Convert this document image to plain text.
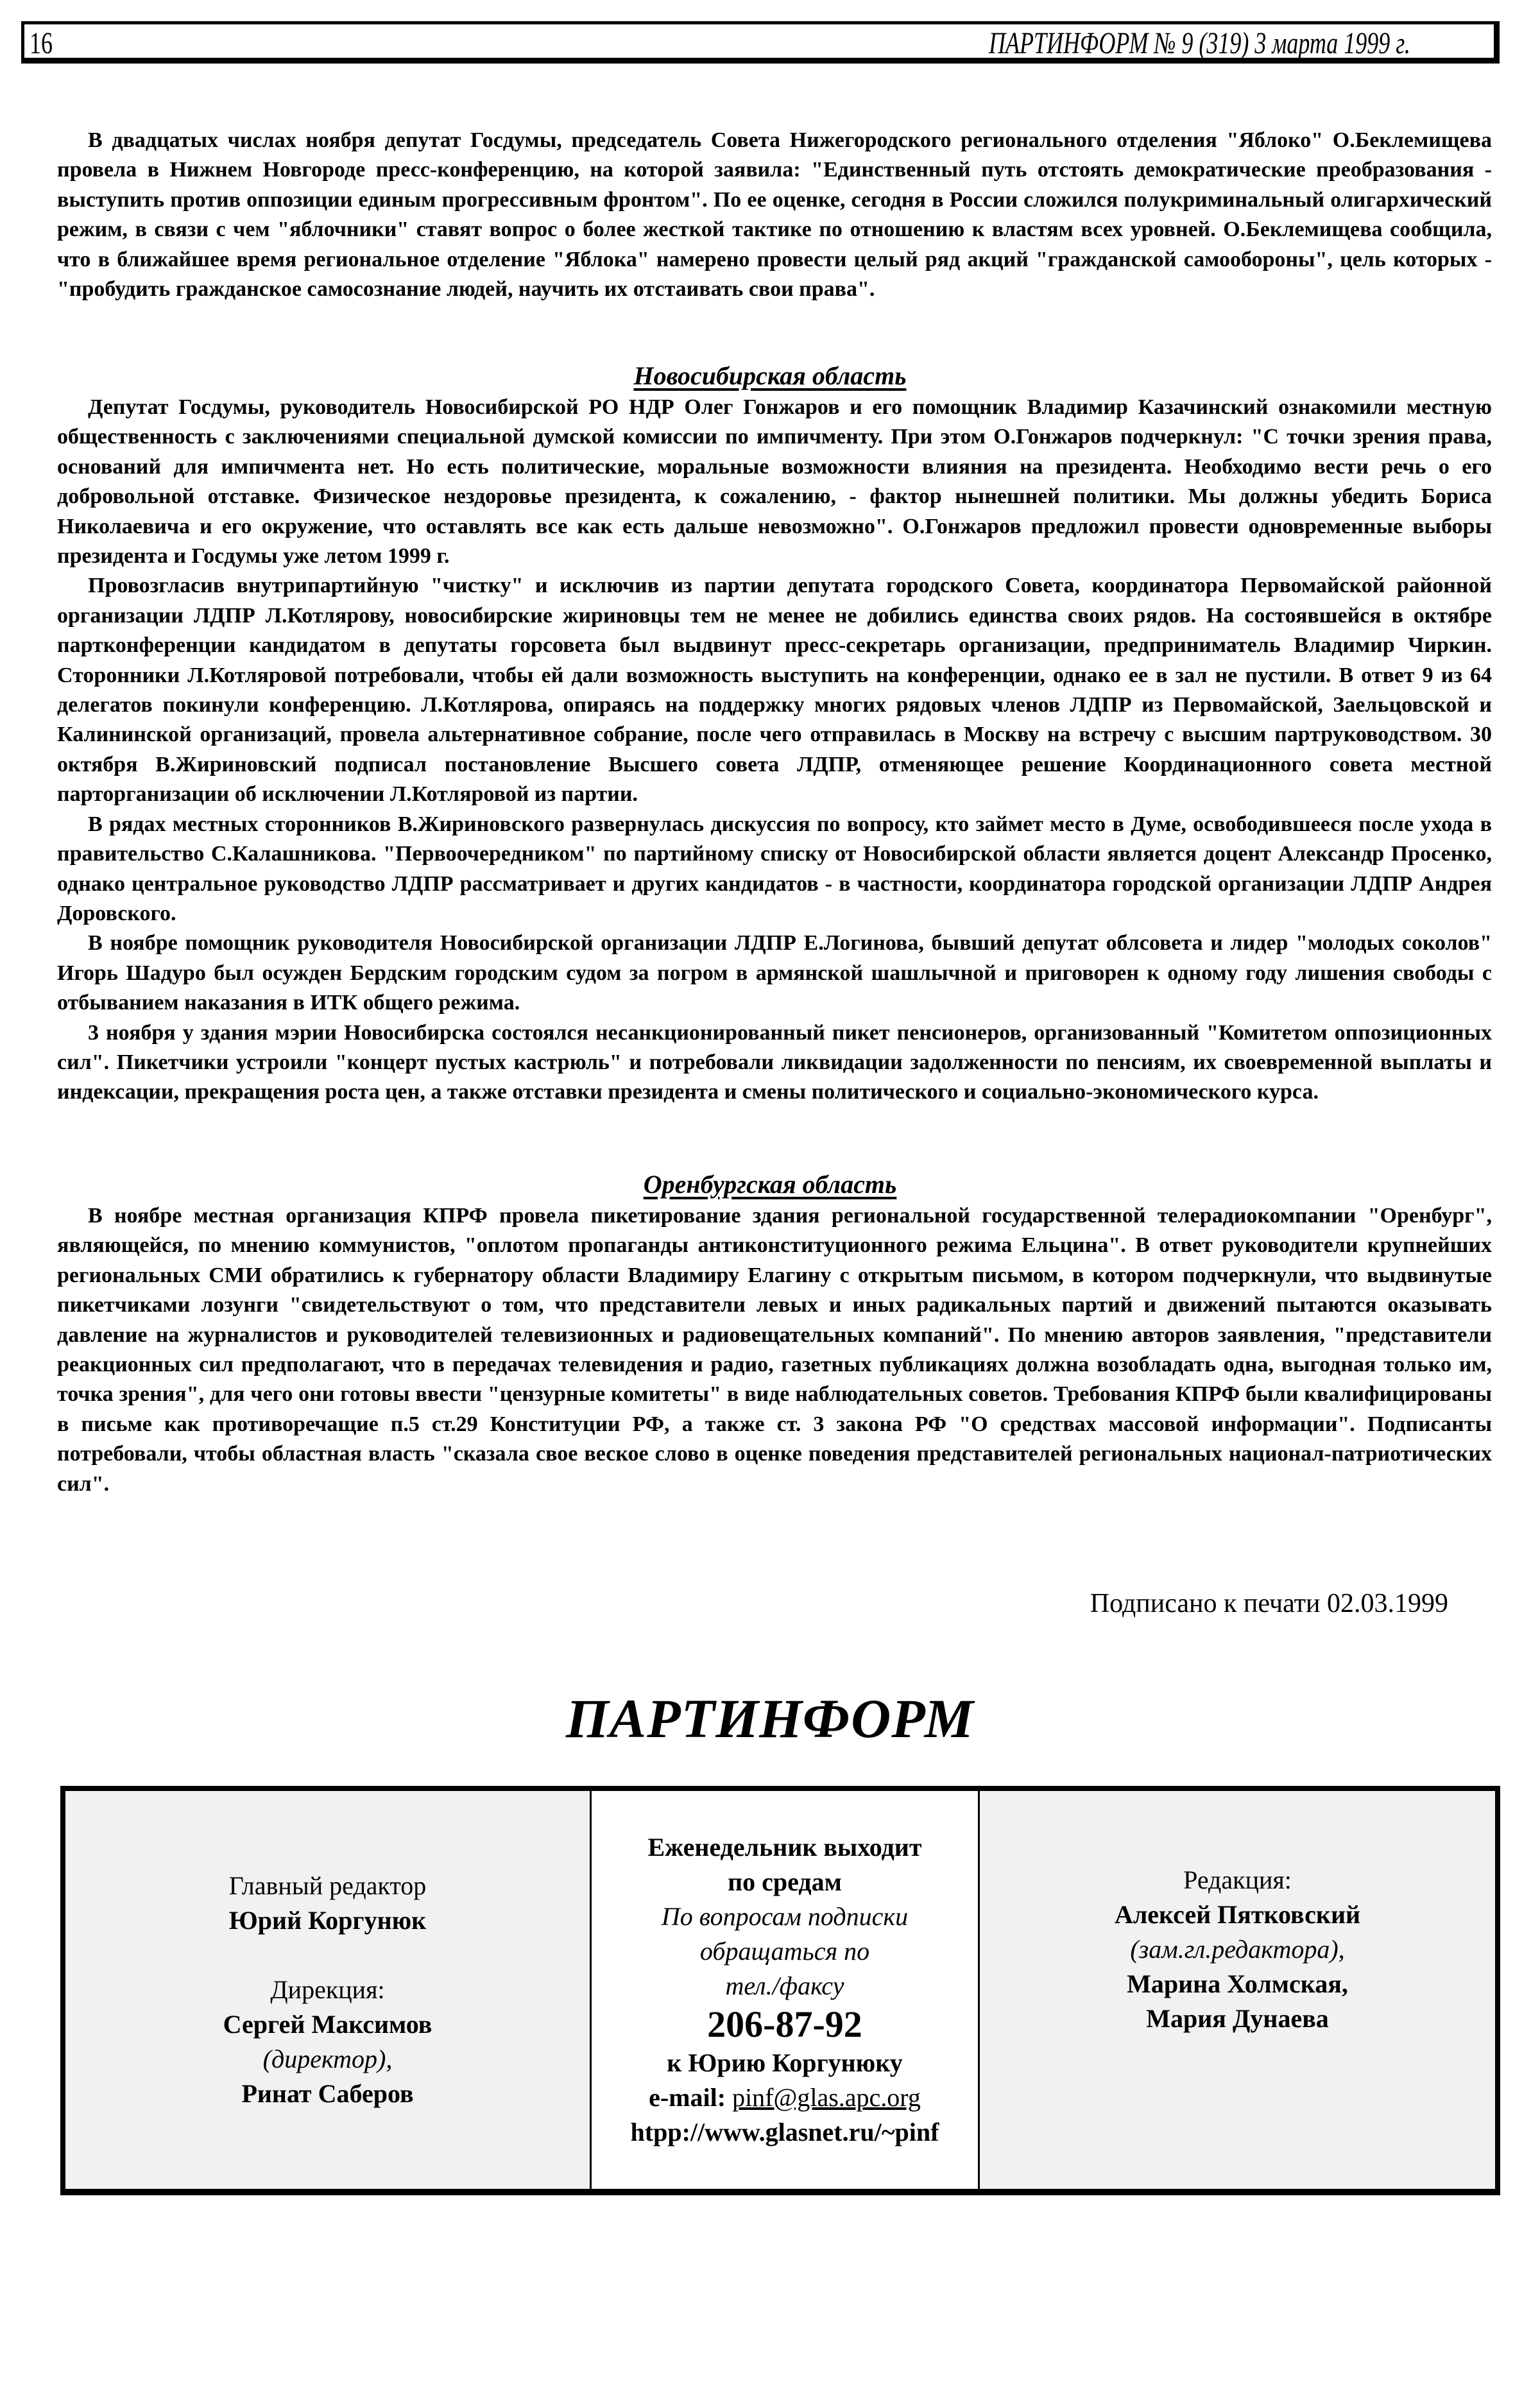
16	ПАРТИНФОРМ № 9 (319) 3 марта 1999 г.

В двадцатых числах ноября депутат Госдумы, председатель Совета Нижегородского регионального отделения "Яблоко" О.Беклемищева провела в Нижнем Новгороде пресс-конференцию, на которой заявила: "Единственный путь отстоять демократические преобразования - выступить против оппозиции единым прогрессивным фронтом". По ее оценке, сегодня в России сложился полукриминальный олигархический режим, в связи с чем "яблочники" ставят вопрос о более жесткой тактике по отношению к властям всех уровней. О.Беклемищева сообщила, что в ближайшее время региональное отделение "Яблока" намерено провести целый ряд акций "гражданской самообороны", цель которых - "пробудить гражданское самосознание людей, научить их отстаивать свои права".

Новосибирская область

Депутат Госдумы, руководитель Новосибирской РО НДР Олег Гонжаров и его помощник Владимир Казачинский ознакомили местную общественность с заключениями специальной думской комиссии по импичменту. При этом О.Гонжаров подчеркнул: "С точки зрения права, оснований для импичмента нет. Но есть политические, моральные возможности влияния на президента. Необходимо вести речь о его добровольной отставке. Физическое нездоровье президента, к сожалению, - фактор нынешней политики. Мы должны убедить Бориса Николаевича и его окружение, что оставлять все как есть дальше невозможно". О.Гонжаров предложил провести одновременные выборы президента и Госдумы уже летом 1999 г.

Провозгласив внутрипартийную "чистку" и исключив из партии депутата городского Совета, координатора Первомайской районной организации ЛДПР Л.Котлярову, новосибирские жириновцы тем не менее не добились единства своих рядов. На состоявшейся в октябре партконференции кандидатом в депутаты горсовета был выдвинут пресс-секретарь организации, предприниматель Владимир Чиркин. Сторонники Л.Котляровой потребовали, чтобы ей дали возможность выступить на конференции, однако ее в зал не пустили. В ответ 9 из 64 делегатов покинули конференцию. Л.Котлярова, опираясь на поддержку многих рядовых членов ЛДПР из Первомайской, Заельцовской и Калининской организаций, провела альтернативное собрание, после чего отправилась в Москву на встречу с высшим партруководством. 30 октября В.Жириновский подписал постановление Высшего совета ЛДПР, отменяющее решение Координационного совета местной парторганизации об исключении Л.Котляровой из партии.

В рядах местных сторонников В.Жириновского развернулась дискуссия по вопросу, кто займет место в Думе, освободившееся после ухода в правительство С.Калашникова. "Первоочередником" по партийному списку от Новосибирской области является доцент Александр Просенко, однако центральное руководство ЛДПР рассматривает и других кандидатов - в частности, координатора городской организации ЛДПР Андрея Доровского.

В ноябре помощник руководителя Новосибирской организации ЛДПР Е.Логинова, бывший депутат облсовета и лидер "молодых соколов" Игорь Шадуро был осужден Бердским городским судом за погром в армянской шашлычной и приговорен к одному году лишения свободы с отбыванием наказания в ИТК общего режима.

3 ноября у здания мэрии Новосибирска состоялся несанкционированный пикет пенсионеров, организованный "Комитетом оппозиционных сил". Пикетчики устроили "концерт пустых кастрюль" и потребовали ликвидации задолженности по пенсиям, их своевременной выплаты и индексации, прекращения роста цен, а также отставки президента и смены политического и социально-экономического курса.

Оренбургская область

В ноябре местная организация КПРФ провела пикетирование здания региональной государственной телерадиокомпании "Оренбург", являющейся, по мнению коммунистов, "оплотом пропаганды антиконституционного режима Ельцина". В ответ руководители крупнейших региональных СМИ обратились к губернатору области Владимиру Елагину с открытым письмом, в котором подчеркнули, что выдвинутые пикетчиками лозунги "свидетельствуют о том, что представители левых и иных радикальных партий и движений пытаются оказывать давление на журналистов и руководителей телевизионных и радиовещательных компаний". По мнению авторов заявления, "представители реакционных сил предполагают, что в передачах телевидения и радио, газетных публикациях должна возобладать одна, выгодная только им, точка зрения", для чего они готовы ввести "цензурные комитеты" в виде наблюдательных советов. Требования КПРФ были квалифицированы в письме как противоречащие п.5 ст.29 Конституции РФ, а также ст. 3 закона РФ "О средствах массовой информации". Подписанты потребовали, чтобы областная власть "сказала свое веское слово в оценке поведения представителей региональных национал-патриотических сил".

Подписано к печати 02.03.1999
ПАРТИНФОРМ
Главный редактор
Юрий Коргунюк
Дирекция:
Сергей Максимов
(директор),
Ринат Саберов
Еженедельник выходит
по средам
По вопросам подписки
обращаться по
тел./факсу
206-87-92
к Юрию Коргунюку
e-mail: pinf@glas.apc.org
htpp://www.glasnet.ru/~pinf
Редакция:
Алексей Пятковский
(зам.гл.редактора),
Марина Холмская,
Мария Дунаева
